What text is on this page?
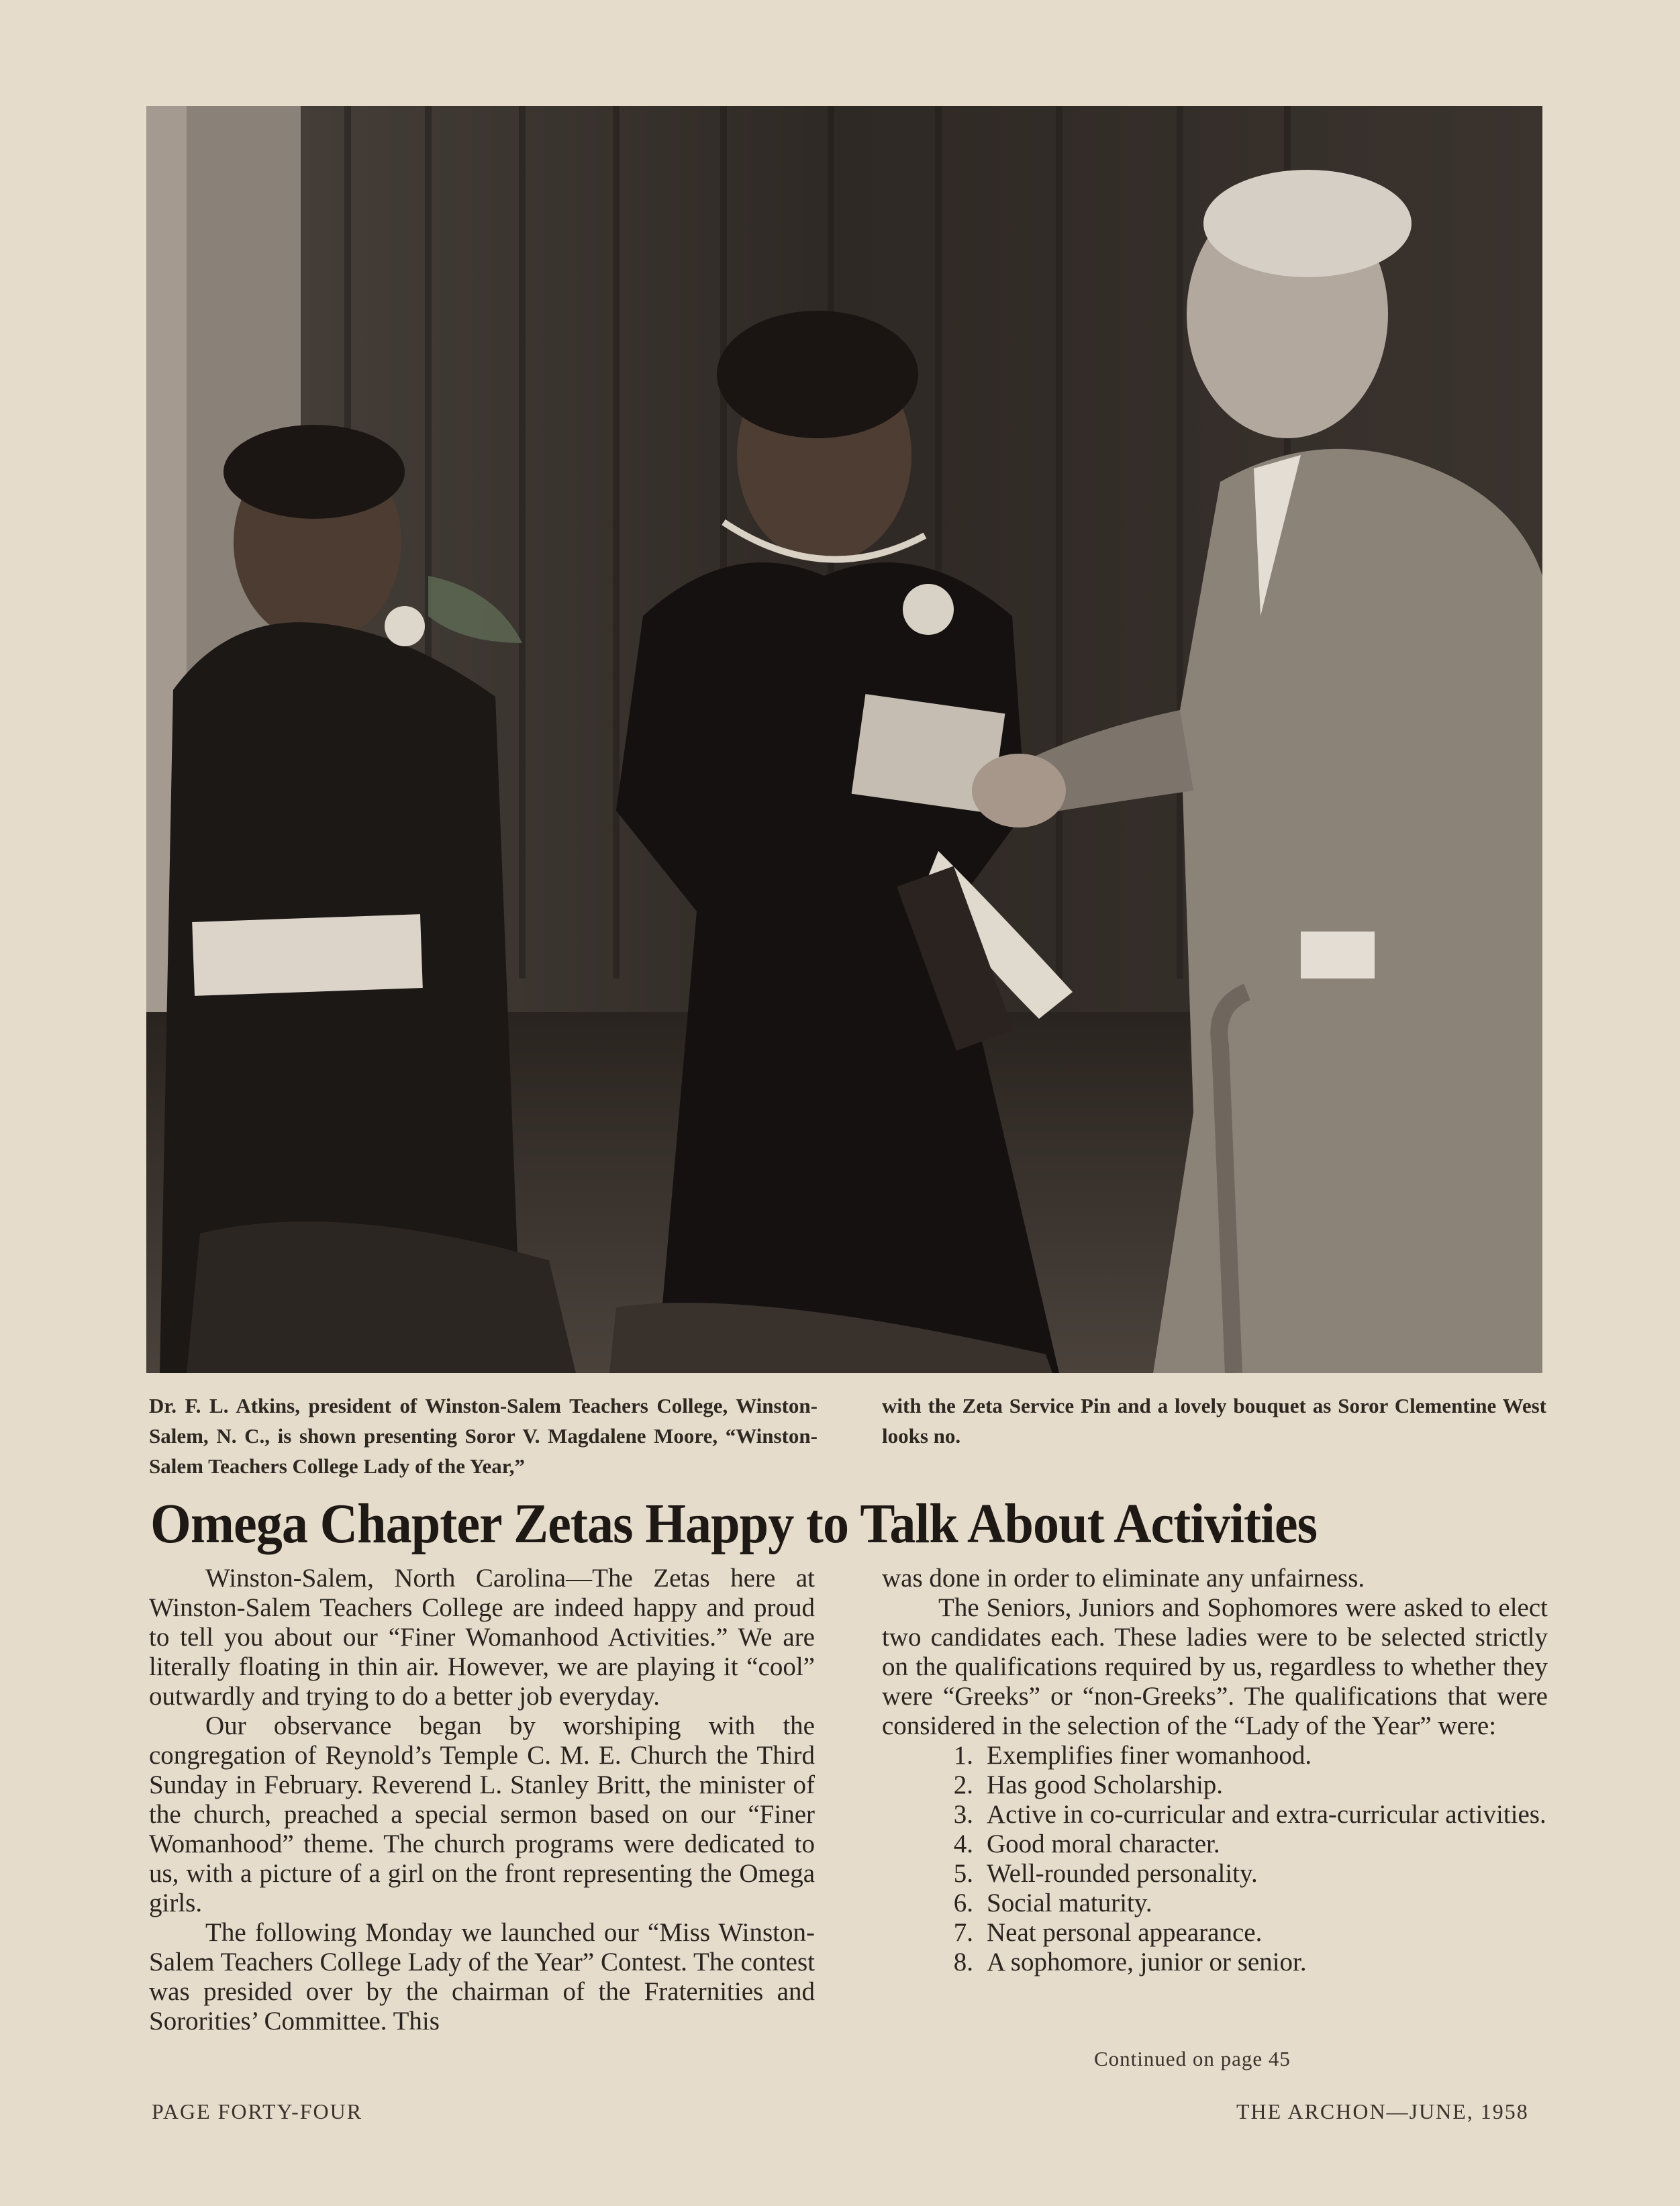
Dr. F. L. Atkins, president of Winston-Salem Teachers College, Winston-Salem, N. C., is shown presenting Soror V. Magdalene Moore, “Winston-Salem Teachers College Lady of the Year,”
with the Zeta Service Pin and a lovely bouquet as Soror Clementine West looks no.
Omega Chapter Zetas Happy to Talk About Activities

Winston-Salem, North Carolina—The Zetas here at Winston-Salem Teachers College are indeed happy and proud to tell you about our “Finer Womanhood Activities.” We are literally floating in thin air. However, we are playing it “cool” outwardly and trying to do a better job everyday.

Our observance began by worshiping with the congregation of Reynold’s Temple C. M. E. Church the Third Sunday in February. Reverend L. Stanley Britt, the minister of the church, preached a special sermon based on our “Finer Womanhood” theme. The church programs were dedicated to us, with a picture of a girl on the front representing the Omega girls.

The following Monday we launched our “Miss Winston-Salem Teachers College Lady of the Year” Contest. The contest was presided over by the chairman of the Fraternities and Sororities’ Committee. This

was done in order to eliminate any unfairness.

The Seniors, Juniors and Sophomores were asked to elect two candidates each. These ladies were to be selected strictly on the qualifications required by us, regardless to whether they were “Greeks” or “non-Greeks”. The qualifications that were considered in the selection of the “Lady of the Year” were:

1. Exemplifies finer womanhood.
2. Has good Scholarship.
3. Active in co-curricular and extra-curricular activities.
4. Good moral character.
5. Well-rounded personality.
6. Social maturity.
7. Neat personal appearance.
8. A sophomore, junior or senior.
Continued on page 45
PAGE FORTY-FOUR	THE ARCHON—JUNE, 1958
